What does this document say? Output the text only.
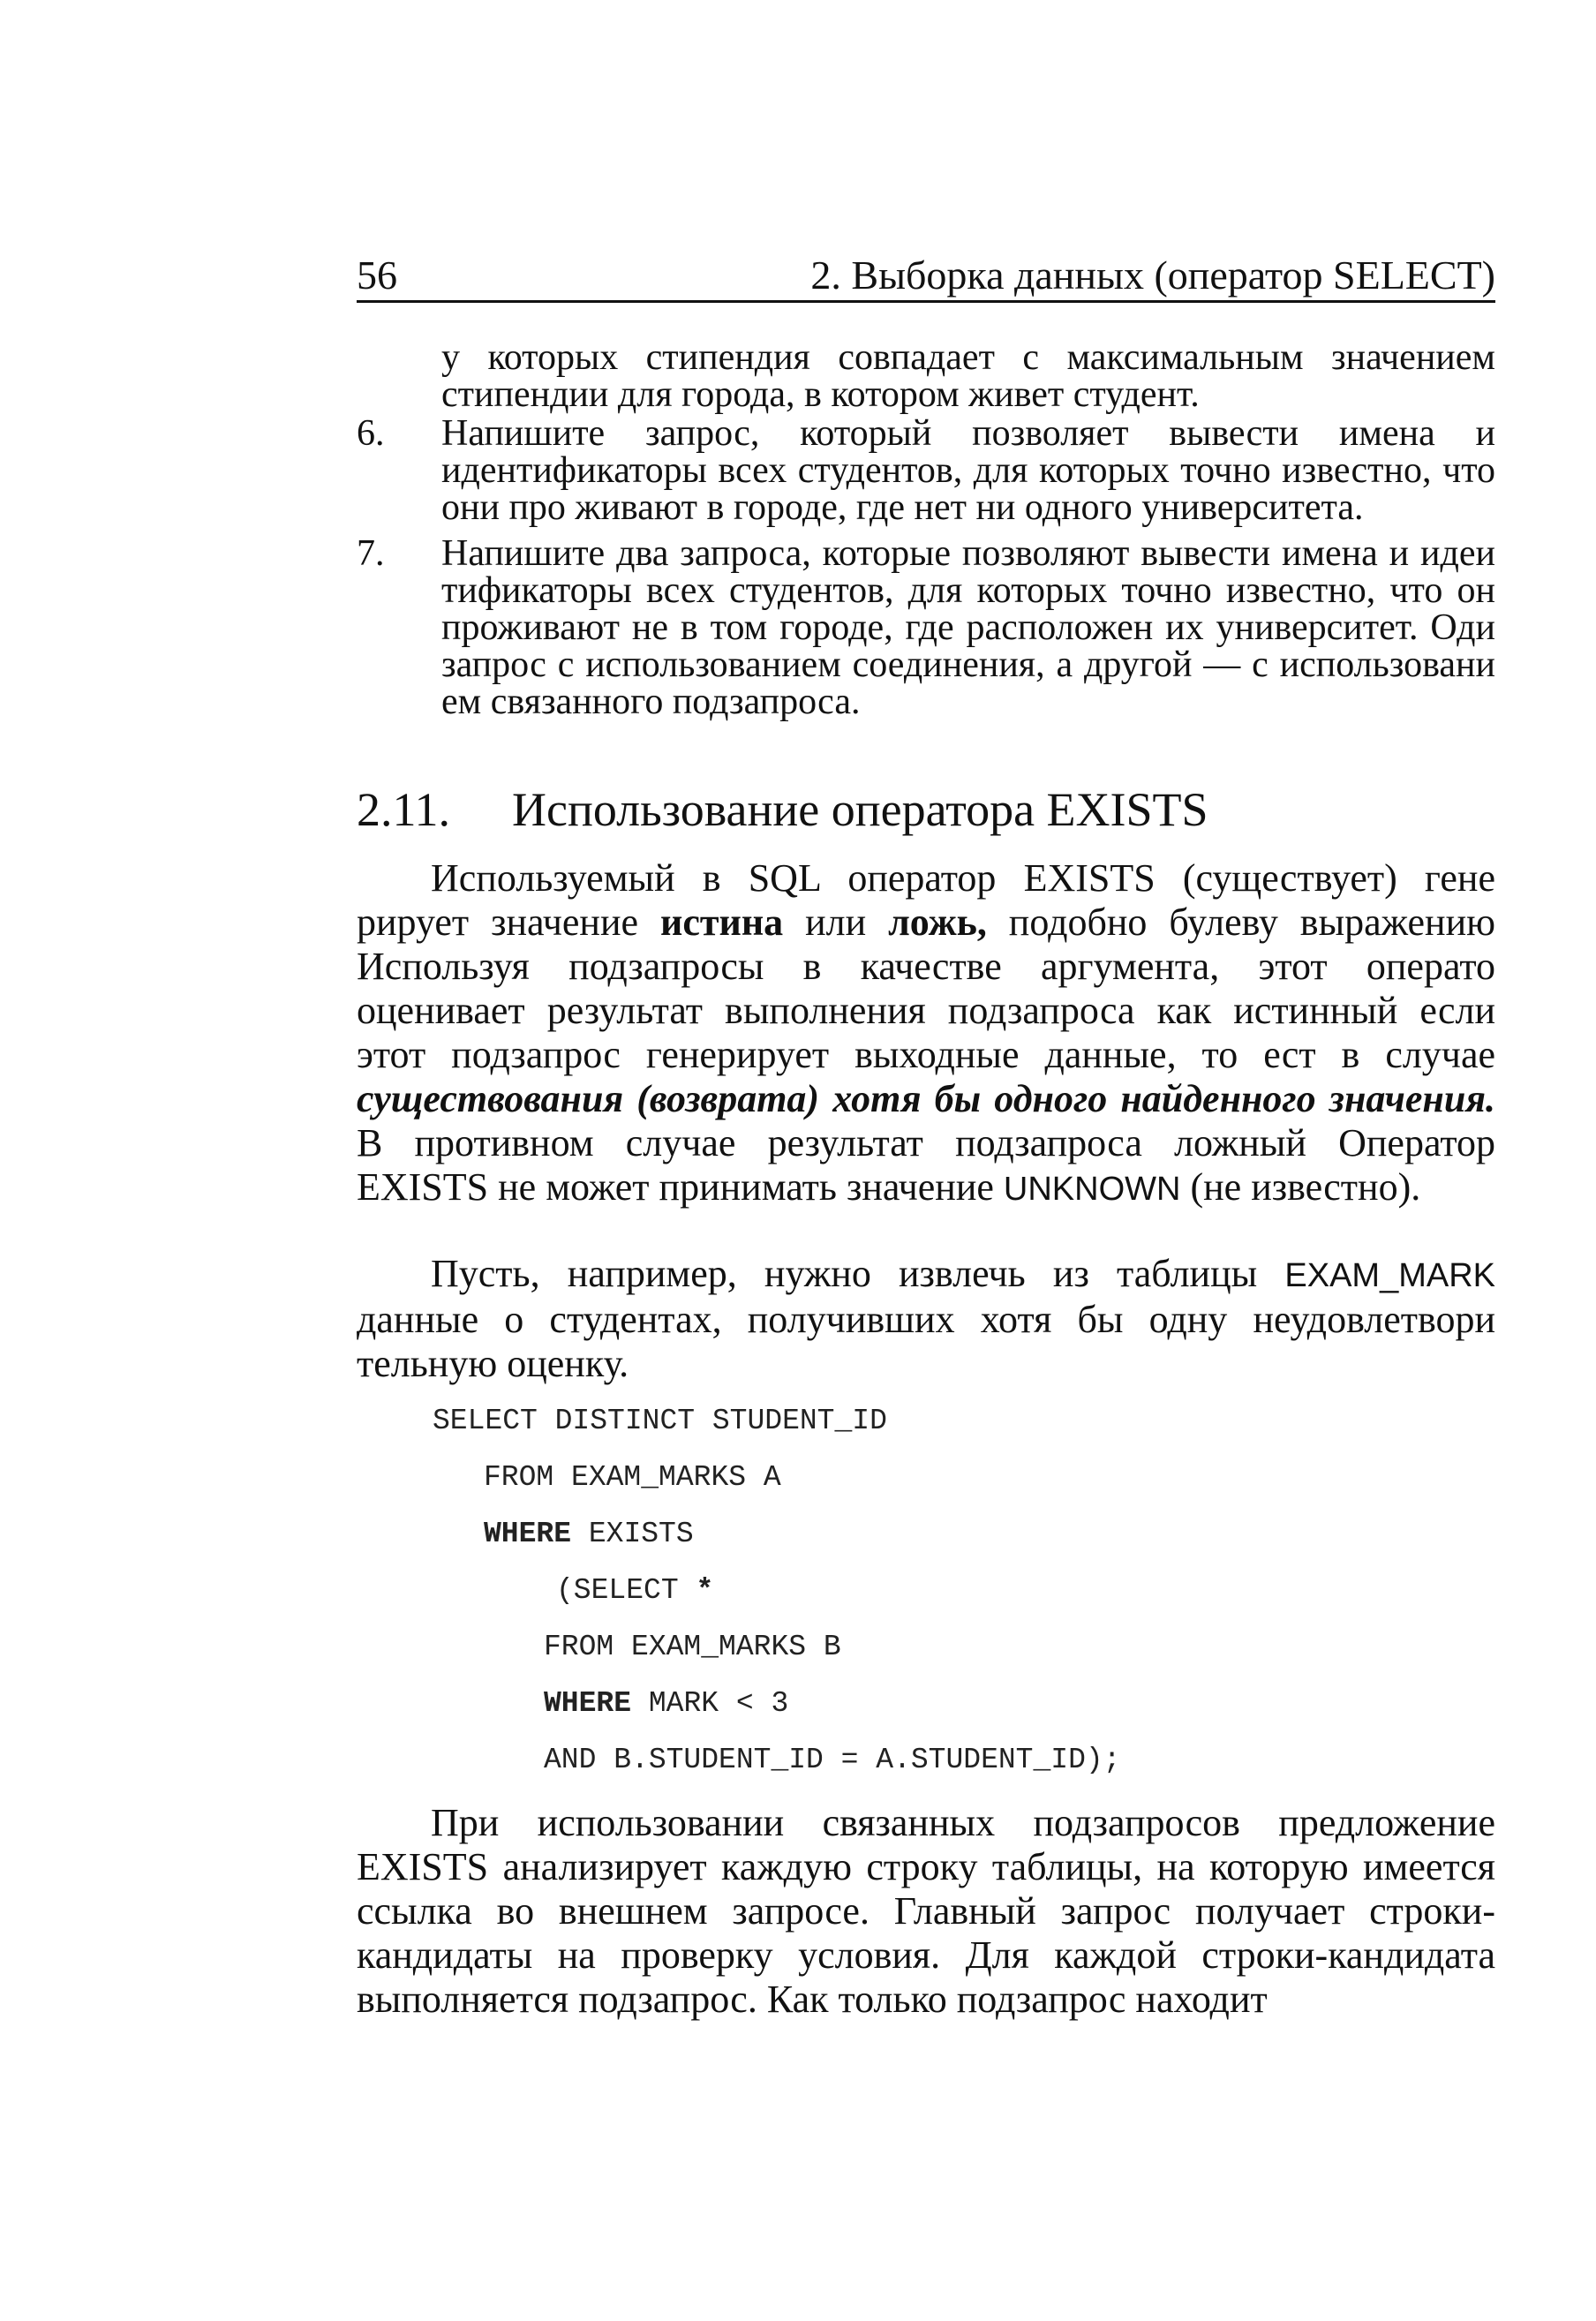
56	2. Выборка данных (оператор SELECT)
у которых стипендия совпадает с максимальным значением стипендии для города, в котором живет студент.
6. Напишите запрос, который позволяет вывести имена и идентификаторы всех студентов, для которых точно известно, что они про живают в городе, где нет ни одного университета.
7. Напишите два запроса, которые позволяют вывести имена и идеи тификаторы всех студентов, для которых точно известно, что он проживают не в том городе, где расположен их университет. Оди запрос с использованием соединения, а другой — с использовани ем связанного подзапроса.
2.11. Использование оператора EXISTS
Используемый в SQL оператор EXISTS (существует) гене рирует значение истина или ложь, подобно булеву выражению Используя подзапросы в качестве аргумента, этот операто оценивает результат выполнения подзапроса как истинный если этот подзапрос генерирует выходные данные, то ест в случае существования (возврата) хотя бы одного найденного значения. В противном случае результат подзапроса ложный Оператор EXISTS не может принимать значение UNKNOWN (не известно).
Пусть, например, нужно извлечь из таблицы EXAM_MARK данные о студентах, получивших хотя бы одну неудовлетвори тельную оценку.
SELECT DISTINCT STUDENT_ID
FROM EXAM_MARKS A
WHERE EXISTS
(SELECT *
FROM EXAM_MARKS B
WHERE MARK < 3
AND B.STUDENT_ID = A.STUDENT_ID);
При использовании связанных подзапросов предложение EXISTS анализирует каждую строку таблицы, на которую имеется ссылка во внешнем запросе. Главный запрос получает строки-кандидаты на проверку условия. Для каждой строки-кандидата выполняется подзапрос. Как только подзапрос находит
